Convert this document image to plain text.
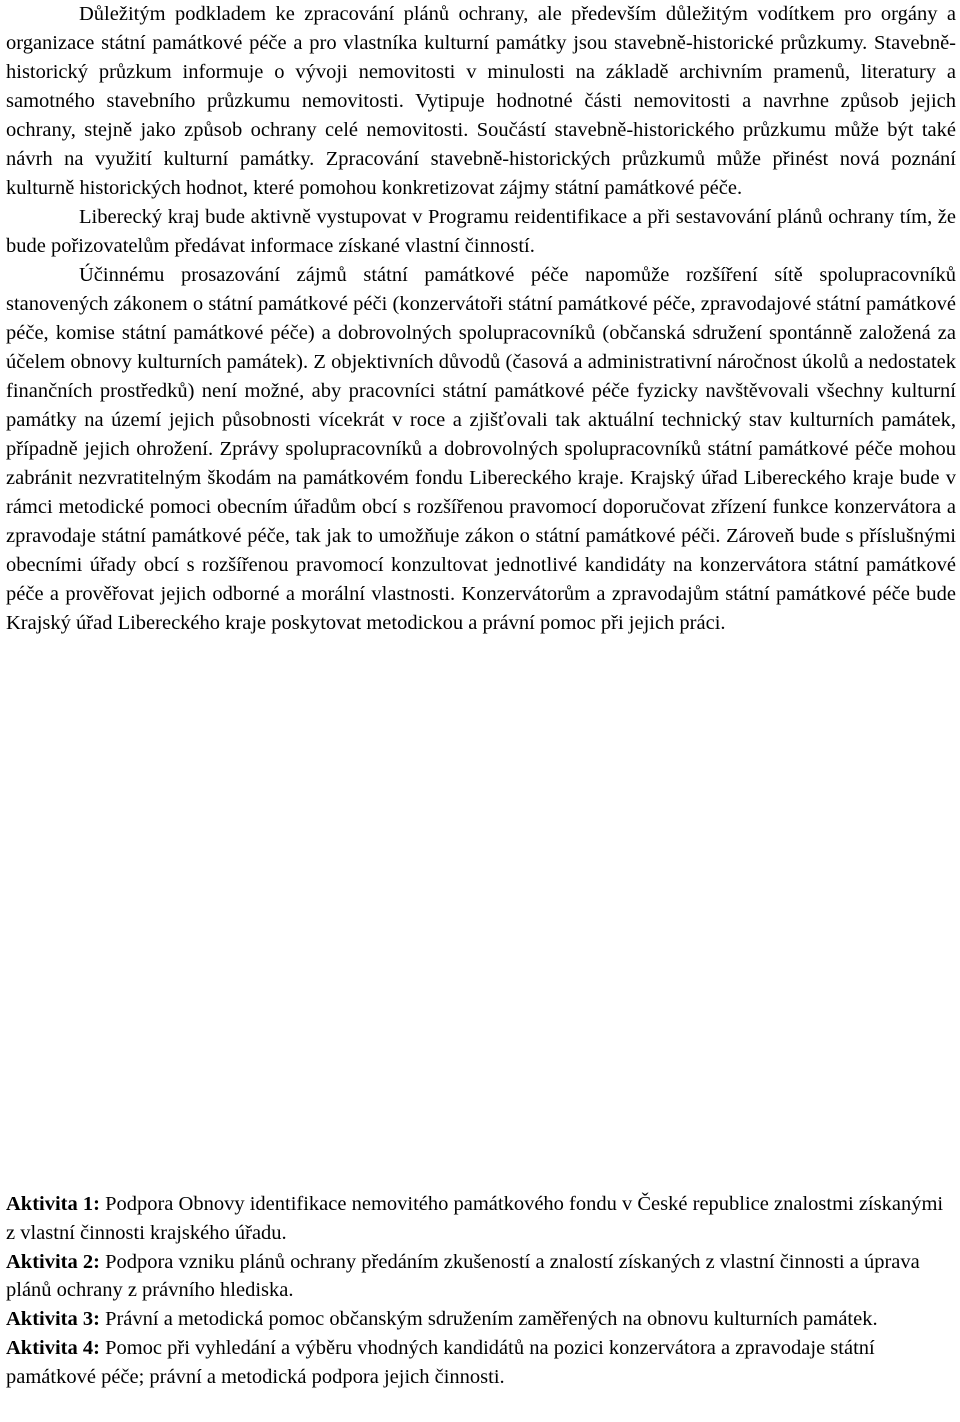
Důležitým podkladem ke zpracování plánů ochrany, ale především důležitým vodítkem pro orgány a organizace státní památkové péče a pro vlastníka kulturní památky jsou stavebně-historické průzkumy. Stavebně-historický průzkum informuje o vývoji nemovitosti v minulosti na základě archivním pramenů, literatury a samotného stavebního průzkumu nemovitosti. Vytipuje hodnotné části nemovitosti a navrhne způsob jejich ochrany, stejně jako způsob ochrany celé nemovitosti. Součástí stavebně-historického průzkumu může být také návrh na využití kulturní památky. Zpracování stavebně-historických průzkumů může přinést nová poznání kulturně historických hodnot, které pomohou konkretizovat zájmy státní památkové péče.

Liberecký kraj bude aktivně vystupovat v Programu reidentifikace a při sestavování plánů ochrany tím, že bude pořizovatelům předávat informace získané vlastní činností.

Účinnému prosazování zájmů státní památkové péče napomůže rozšíření sítě spolupracovníků stanovených zákonem o státní památkové péči (konzervátoři státní památkové péče, zpravodajové státní památkové péče, komise státní památkové péče) a dobrovolných spolupracovníků (občanská sdružení spontánně založená za účelem obnovy kulturních památek). Z objektivních důvodů (časová a administrativní náročnost úkolů a nedostatek finančních prostředků) není možné, aby pracovníci státní památkové péče fyzicky navštěvovali všechny kulturní památky na území jejich působnosti vícekrát v roce a zjišťovali tak aktuální technický stav kulturních památek, případně jejich ohrožení. Zprávy spolupracovníků a dobrovolných spolupracovníků státní památkové péče mohou zabránit nezvratitelným škodám na památkovém fondu Libereckého kraje. Krajský úřad Libereckého kraje bude v rámci metodické pomoci obecním úřadům obcí s rozšířenou pravomocí doporučovat zřízení funkce konzervátora a zpravodaje státní památkové péče, tak jak to umožňuje zákon o státní památkové péči. Zároveň bude s příslušnými obecními úřady obcí s rozšířenou pravomocí konzultovat jednotlivé kandidáty na konzervátora státní památkové péče a prověřovat jejich odborné a morální vlastnosti. Konzervátorům a zpravodajům státní památkové péče bude Krajský úřad Libereckého kraje poskytovat metodickou a právní pomoc při jejich práci.

Aktivita 1: Podpora Obnovy identifikace nemovitého památkového fondu v České republice znalostmi získanými z vlastní činnosti krajského úřadu.

Aktivita 2: Podpora vzniku plánů ochrany předáním zkušeností a znalostí získaných z vlastní činnosti a úprava plánů ochrany z právního hlediska.

Aktivita 3: Právní a metodická pomoc občanským sdružením zaměřených na obnovu kulturních památek.

Aktivita 4: Pomoc při vyhledání a výběru vhodných kandidátů na pozici konzervátora a zpravodaje státní památkové péče; právní a metodická podpora jejich činnosti.
